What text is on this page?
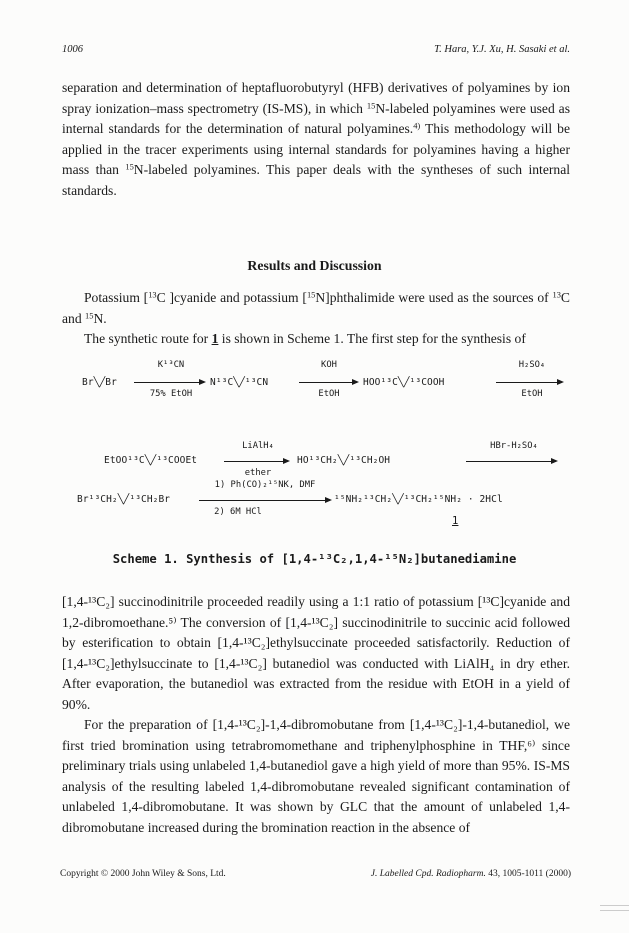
1006	T. Hara, Y.J. Xu, H. Sasaki et al.
separation and determination of heptafluorobutyryl (HFB) derivatives of polyamines by ion spray ionization–mass spectrometry (IS-MS), in which $^{15}$N-labeled polyamines were used as internal standards for the determination of natural polyamines.$^{4)}$ This methodology will be applied in the tracer experiments using internal standards for polyamines having a higher mass than $^{15}$N-labeled polyamines. This paper deals with the syntheses of such internal standards.
Results and Discussion
Potassium [$^{13}$C ]cyanide and potassium [$^{15}$N]phthalimide were used as the sources of $^{13}$C and $^{15}$N.
The synthetic route for 1 is shown in Scheme 1. The first step for the synthesis of
Br╲╱Br
K¹³CN
75% EtOH
N¹³C╲╱¹³CN
KOH
EtOH
HOO¹³C╲╱¹³COOH
H₂SO₄
EtOH
EtOO¹³C╲╱¹³COOEt
LiAlH₄
ether
HO¹³CH₂╲╱¹³CH₂OH
HBr-H₂SO₄
Br¹³CH₂╲╱¹³CH₂Br
1) Ph(CO)₂¹⁵NK, DMF
2) 6M HCl
¹⁵NH₂¹³CH₂╲╱¹³CH₂¹⁵NH₂ · 2HCl
1
Scheme 1. Synthesis of [1,4-¹³C₂,1,4-¹⁵N₂]butanediamine
[1,4-¹³C₂] succinodinitrile proceeded readily using a 1:1 ratio of potassium [¹³C]cyanide and 1,2-dibromoethane.⁵⁾ The conversion of [1,4-¹³C₂] succinodinitrile to succinic acid followed by esterification to obtain [1,4-¹³C₂]ethylsuccinate proceeded satisfactorily. Reduction of [1,4-¹³C₂]ethylsuccinate to [1,4-¹³C₂] butanediol was conducted with LiAlH₄ in dry ether. After evaporation, the butanediol was extracted from the residue with EtOH in a yield of 90%.
For the preparation of [1,4-¹³C₂]-1,4-dibromobutane from [1,4-¹³C₂]-1,4-butanediol, we first tried bromination using tetrabromomethane and triphenylphosphine in THF,⁶⁾ since preliminary trials using unlabeled 1,4-butanediol gave a high yield of more than 95%. IS-MS analysis of the resulting labeled 1,4-dibromobutane revealed significant contamination of unlabeled 1,4-dibromobutane. It was shown by GLC that the amount of unlabeled 1,4-dibromobutane increased during the bromination reaction in the absence of
Copyright © 2000 John Wiley & Sons, Ltd.	J. Labelled Cpd. Radiopharm. 43, 1005-1011 (2000)
